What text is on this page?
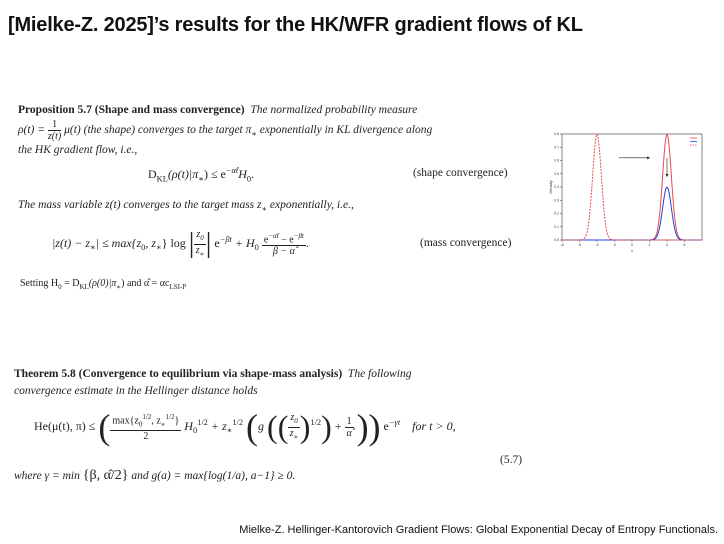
[Mielke-Z. 2025]’s results for the HK/WFR gradient flows of KL
Proposition 5.7 (Shape and mass convergence) The normalized probability measure
$\rho(t) = \frac{1}{z(t)} \mu(t)$ (the shape) converges to the target $\pi_∗$ exponentially in KL divergence along
the HK gradient flow, i.e.,
$D_{KL}(\rho(t)|\pi_∗) \le e^{-\alphât}H_0$.	(shape convergence)
The mass variable z(t) converges to the target mass $z_∗$ exponentially, i.e.,
$|z(t) - z_∗| \le \max\{z_0$, $z_∗$} log | $\frac{z_0}{z_∗}$ | $e^{-\beta t} + H_0 \frac{e^{-\alphât} - e^{-\beta t}}{\beta - \alphâ}$ .	(mass convergence)
Setting $H_0 = D_{KL}(\rho(0)|\pi_∗)$ and α̂ = $\alpha c_{LSI-P}$
Theorem 5.8 (Convergence to equilibrium via shape-mass analysis) The following
convergence estimate in the Hellinger distance holds
He(μ(t), π) ≤ ( $\frac{\max\{z_0^{1/2}, z_∗^{1/2}\}}{2} H_0^{1/2} + z_∗^{1/2}$ (g (( $\frac{z_0}{z_∗} )^{1/2}) + \frac{1}{\alphâ}$ )) $e^{-\gamma t}$ for t > 0,
(5.7)
where γ = min {β, α̂/2} and g(a) = max{log(1/a), a−1} ≥ 0.
-8	-6	-4	-2	0	2	4	6
0.0
0.1
0.2
0.3
0.4
0.5
0.6
0.7
0.8
x
Density
Mielke-Z. Hellinger-Kantorovich Gradient Flows: Global Exponential Decay of Entropy Functionals.
